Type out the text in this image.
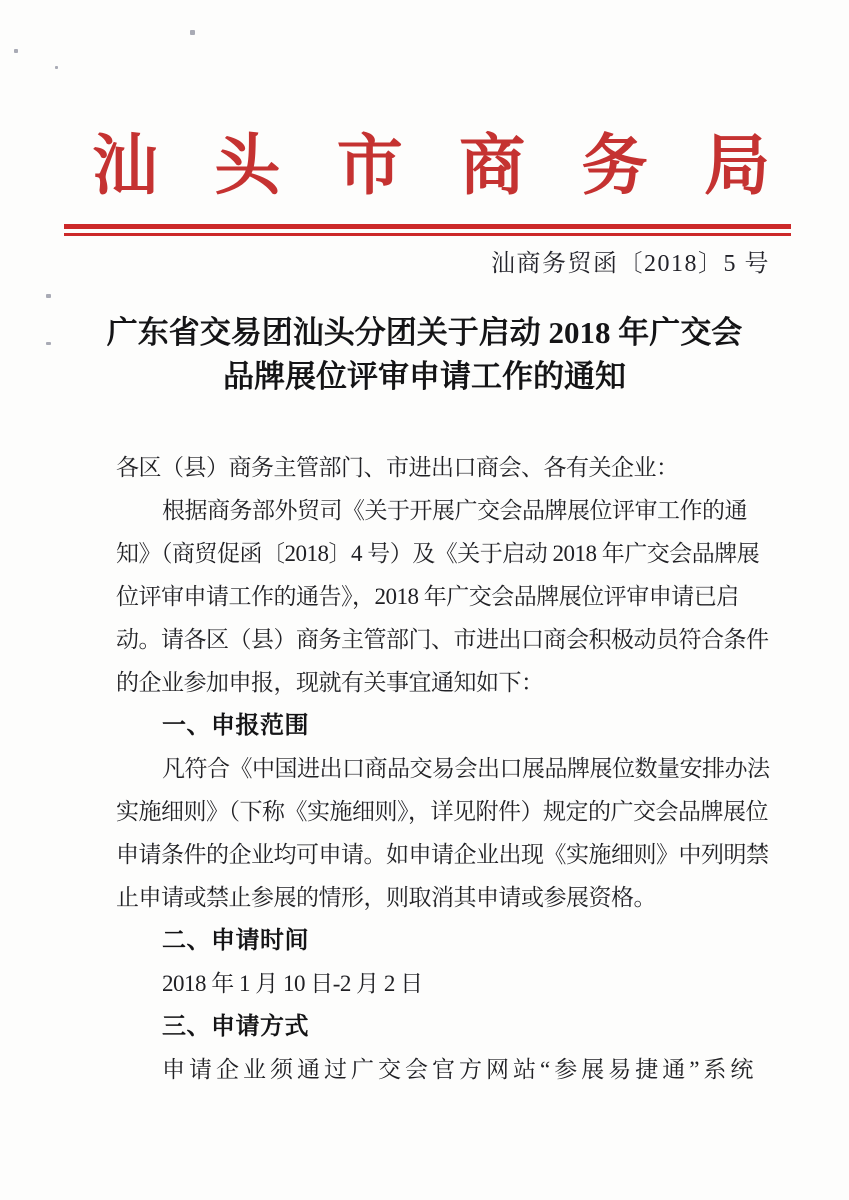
汕 头 市 商 务 局
汕商务贸函〔2018〕5 号
广东省交易团汕头分团关于启动 2018 年广交会
品牌展位评审申请工作的通知
各区（县）商务主管部门、市进出口商会、各有关企业：
根据商务部外贸司《关于开展广交会品牌展位评审工作的通
知》（商贸促函〔2018〕4 号）及《关于启动 2018 年广交会品牌展
位评审申请工作的通告》，2018 年广交会品牌展位评审申请已启
动。请各区（县）商务主管部门、市进出口商会积极动员符合条件
的企业参加申报，现就有关事宜通知如下：
一、申报范围
凡符合《中国进出口商品交易会出口展品牌展位数量安排办法
实施细则》（下称《实施细则》，详见附件）规定的广交会品牌展位
申请条件的企业均可申请。如申请企业出现《实施细则》中列明禁
止申请或禁止参展的情形，则取消其申请或参展资格。
二、申请时间
2018 年 1 月 10 日-2 月 2 日
三、申请方式
申请企业须通过广交会官方网站“参展易捷通”系统
